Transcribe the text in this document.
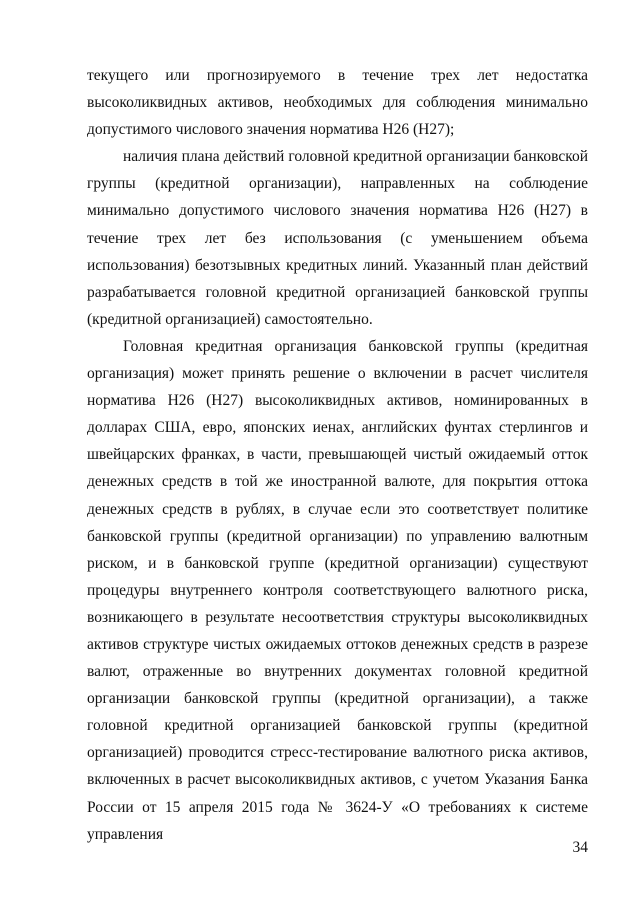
текущего или прогнозируемого в течение трех лет недостатка высоколиквидных активов, необходимых для соблюдения минимально допустимого числового значения норматива Н26 (Н27);

наличия плана действий головной кредитной организации банковской группы (кредитной организации), направленных на соблюдение минимально допустимого числового значения норматива Н26 (Н27) в течение трех лет без использования (с уменьшением объема использования) безотзывных кредитных линий. Указанный план действий разрабатывается головной кредитной организацией банковской группы (кредитной организацией) самостоятельно.

Головная кредитная организация банковской группы (кредитная организация) может принять решение о включении в расчет числителя норматива Н26 (Н27) высоколиквидных активов, номинированных в долларах США, евро, японских иенах, английских фунтах стерлингов и швейцарских франках, в части, превышающей чистый ожидаемый отток денежных средств в той же иностранной валюте, для покрытия оттока денежных средств в рублях, в случае если это соответствует политике банковской группы (кредитной организации) по управлению валютным риском, и в банковской группе (кредитной организации) существуют процедуры внутреннего контроля соответствующего валютного риска, возникающего в результате несоответствия структуры высоколиквидных активов структуре чистых ожидаемых оттоков денежных средств в разрезе валют, отраженные во внутренних документах головной кредитной организации банковской группы (кредитной организации), а также головной кредитной организацией банковской группы (кредитной организацией) проводится стресс-тестирование валютного риска активов, включенных в расчет высоколиквидных активов, с учетом Указания Банка России от 15 апреля 2015 года № 3624-У «О требованиях к системе управления

34
